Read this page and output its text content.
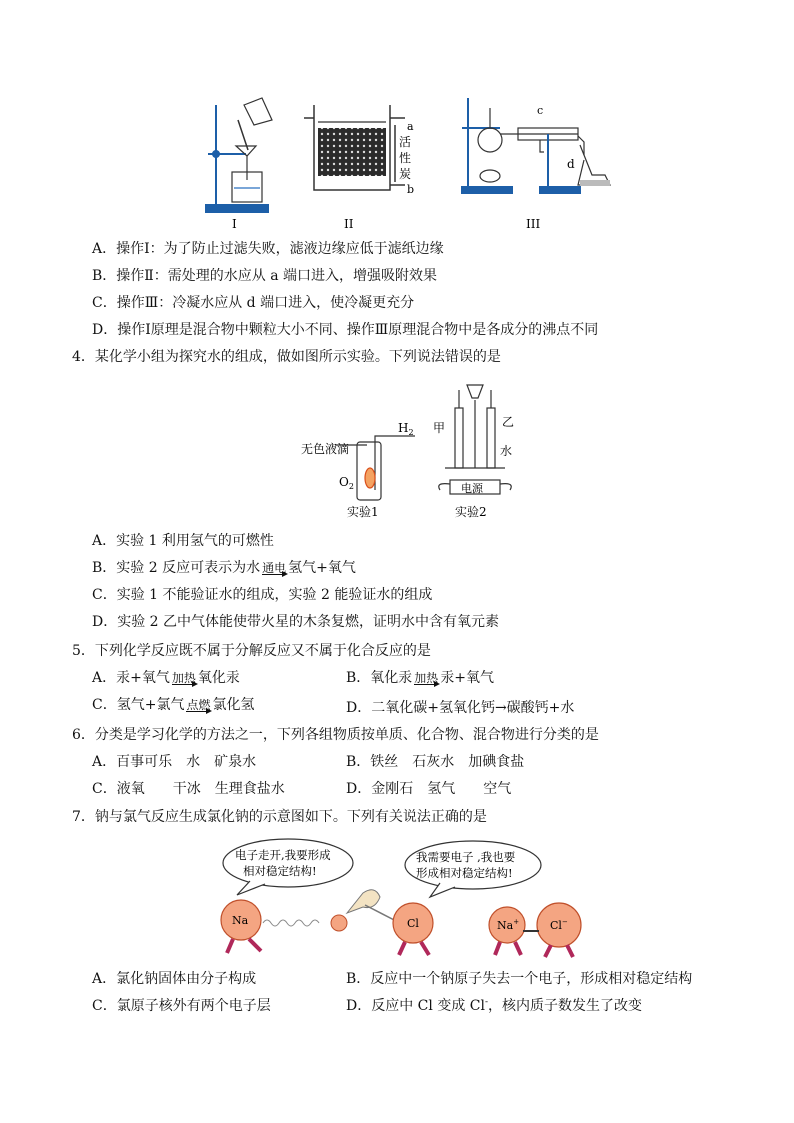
I
a
b
活
性
炭
II
c
d
III
A．操作Ⅰ：为了防止过滤失败，滤液边缘应低于滤纸边缘
B．操作Ⅱ：需处理的水应从 a 端口进入，增强吸附效果
C．操作Ⅲ：冷凝水应从 d 端口进入，使冷凝更充分
D．操作Ⅰ原理是混合物中颗粒大小不同、操作Ⅲ原理混合物中是各成分的沸点不同
4．某化学小组为探究水的组成，做如图所示实验。下列说法错误的是
无色液滴
$H_2$
$O_2$
实验1
甲	乙
水
电源
实验2
A．实验 1 利用氢气的可燃性
B．实验 2 反应可表示为水 通电 氢气+氧气
C．实验 1 不能验证水的组成，实验 2 能验证水的组成
D．实验 2 乙中气体能使带火星的木条复燃，证明水中含有氧元素
5．下列化学反应既不属于分解反应又不属于化合反应的是
A．汞+氧气 加热 氧化汞	B．氧化汞 加热 汞+氧气
C．氢气+氯气 点燃 氯化氢	D．二氧化碳+氢氧化钙→碳酸钙+水
6．分类是学习化学的方法之一，下列各组物质按单质、化合物、混合物进行分类的是
A．百事可乐　水　矿泉水	B．铁丝　石灰水　加碘食盐
C．液氧　　干冰　生理食盐水	D．金刚石　氢气　　空气
7．钠与氯气反应生成氯化钠的示意图如下。下列有关说法正确的是
电子走开,我要形成
相对稳定结构!
我需要电子 ,我也要
形成相对稳定结构!
Na	Cl	Na+	Cl−
A．氯化钠固体由分子构成	B．反应中一个钠原子失去一个电子，形成相对稳定结构
C．氯原子核外有两个电子层	D．反应中 Cl 变成 Cl-，核内质子数发生了改变
